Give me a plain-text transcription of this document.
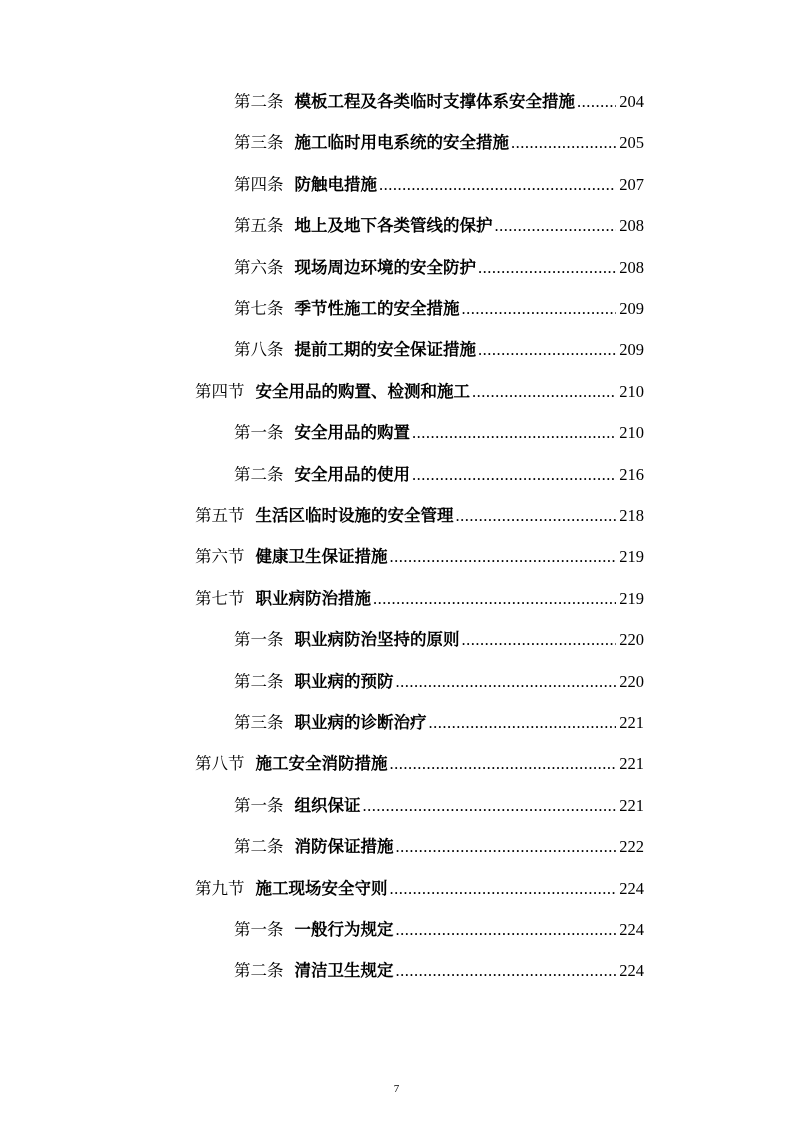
第二条 模板工程及各类临时支撑体系安全措施 .....	204
第三条 施工临时用电系统的安全措施 .....	205
第四条 防触电措施 .....	207
第五条 地上及地下各类管线的保护 .....	208
第六条 现场周边环境的安全防护 .....	208
第七条 季节性施工的安全措施 .....	209
第八条 提前工期的安全保证措施 .....	209
第四节 安全用品的购置、检测和施工 .....	210
第一条 安全用品的购置 .....	210
第二条 安全用品的使用 .....	216
第五节 生活区临时设施的安全管理 .....	218
第六节 健康卫生保证措施 .....	219
第七节 职业病防治措施 .....	219
第一条 职业病防治坚持的原则 .....	220
第二条 职业病的预防 .....	220
第三条 职业病的诊断治疗 .....	221
第八节 施工安全消防措施 .....	221
第一条 组织保证 .....	221
第二条 消防保证措施 .....	222
第九节 施工现场安全守则 .....	224
第一条 一般行为规定 .....	224
第二条 清洁卫生规定 .....	224
7
